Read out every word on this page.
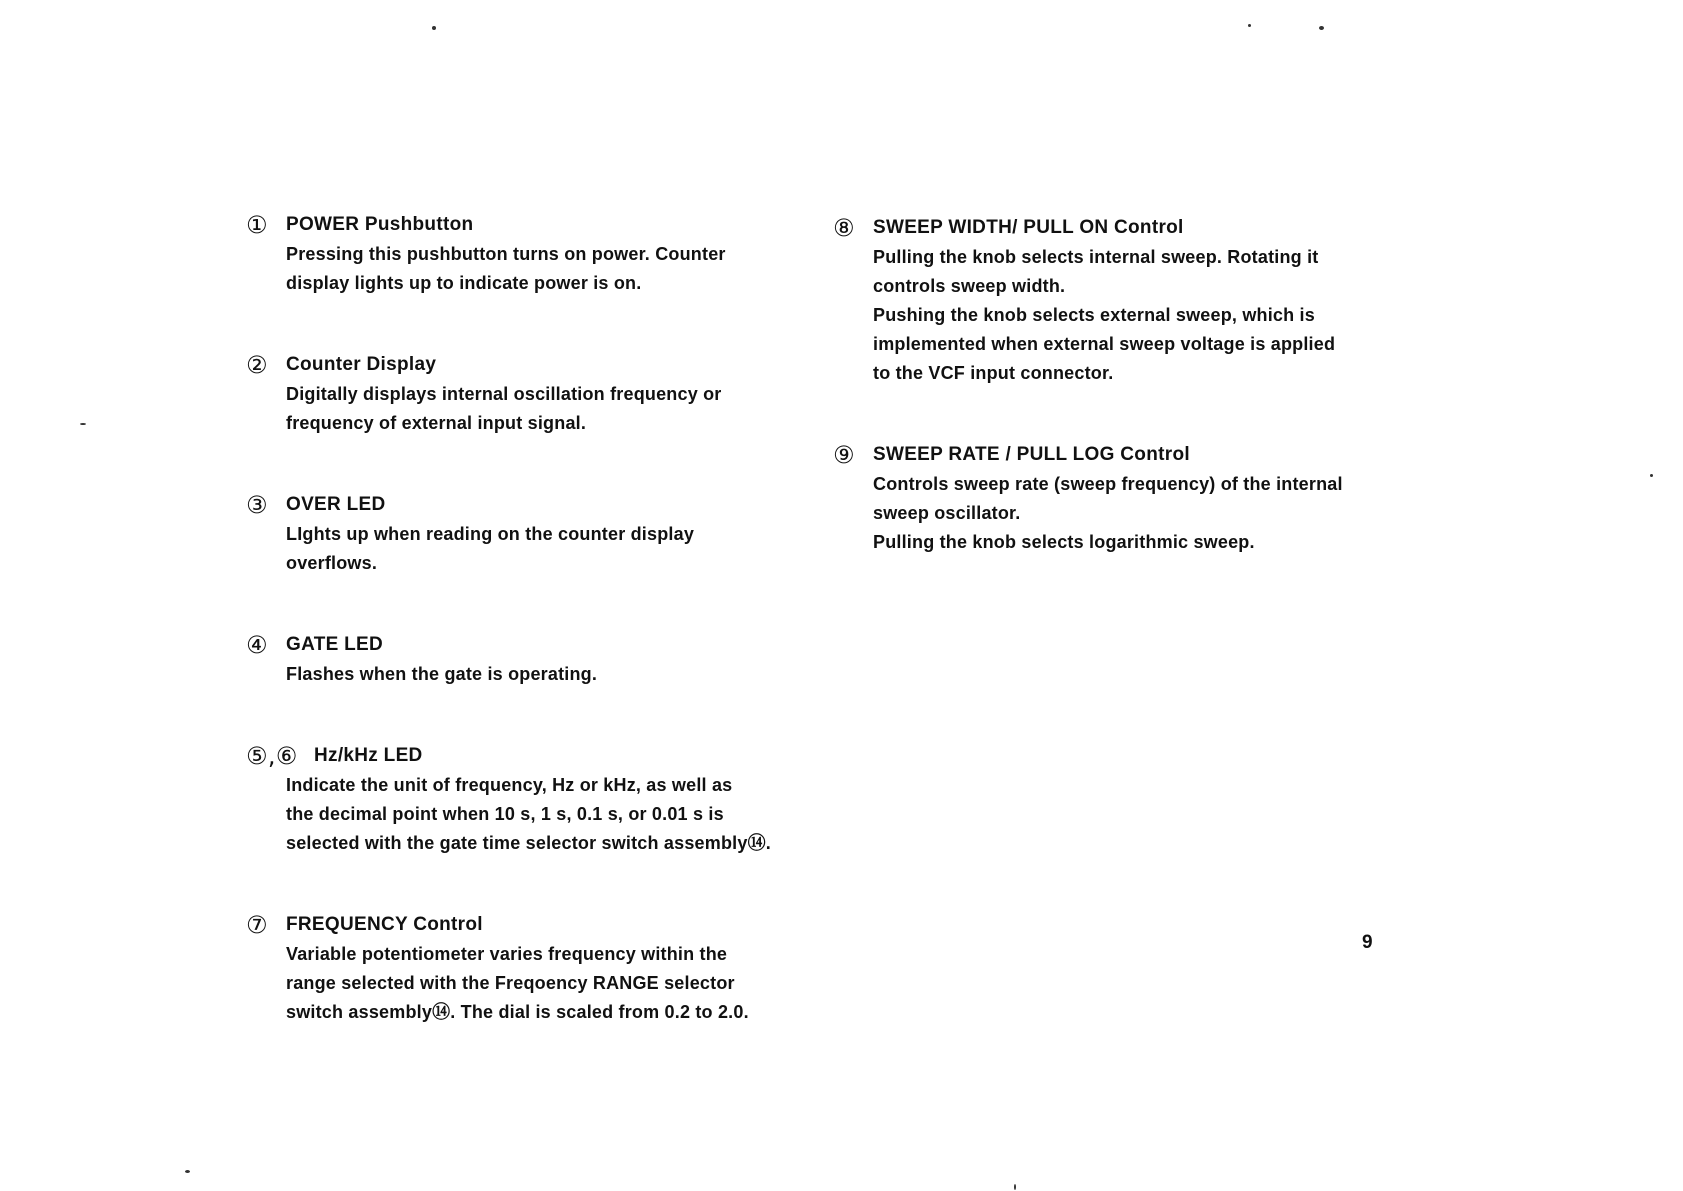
① POWER Pushbutton

Pressing this pushbutton turns on power. Counter

display lights up to indicate power is on.

② Counter Display

Digitally displays internal oscillation frequency or

frequency of external input signal.

③ OVER LED

LIghts up when reading on the counter display

overflows.

④ GATE LED

Flashes when the gate is operating.

⑤,⑥ Hz/kHz LED

Indicate the unit of frequency, Hz or kHz, as well as

the decimal point when 10 s, 1 s, 0.1 s, or 0.01 s is

selected with the gate time selector switch assembly⑭.

⑦ FREQUENCY Control

Variable potentiometer varies frequency within the

range selected with the Freqoency RANGE selector

switch assembly⑭. The dial is scaled from 0.2 to 2.0.

⑧ SWEEP WIDTH/ PULL ON Control

Pulling the knob selects internal sweep. Rotating it

controls sweep width.

Pushing the knob selects external sweep, which is

implemented when external sweep voltage is applied

to the VCF input connector.

⑨ SWEEP RATE / PULL LOG Control

Controls sweep rate (sweep frequency) of the internal

sweep oscillator.

Pulling the knob selects logarithmic sweep.

9
